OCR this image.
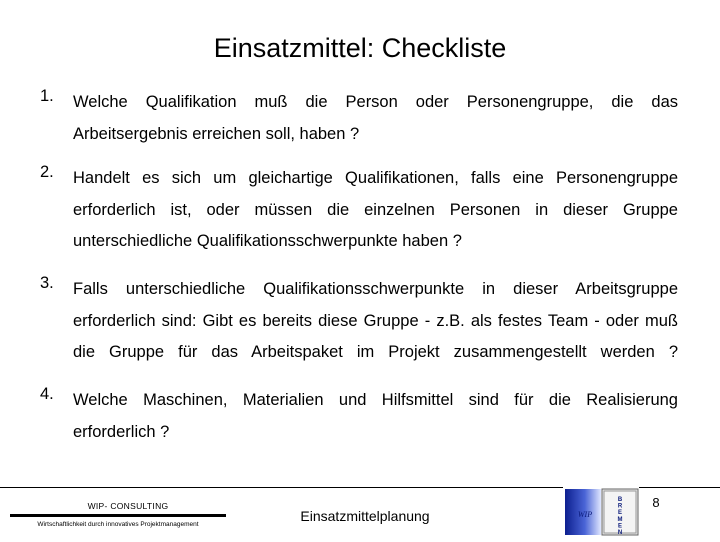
Einsatzmittel: Checkliste
1.	Welche Qualifikation muß die Person oder Personengruppe, die das Arbeitsergebnis erreichen soll, haben ?
2.	Handelt es sich um gleichartige Qualifikationen, falls eine Personengruppe erforderlich ist, oder müssen die einzelnen Personen in dieser Gruppe unterschiedliche Qualifikationsschwerpunkte haben ?
3.	Falls unterschiedliche Qualifikationsschwerpunkte in dieser Arbeitsgruppe erforderlich sind: Gibt es bereits diese Gruppe - z.B. als festes Team - oder muß die Gruppe für das Arbeitspaket im Projekt zusammengestellt werden ?
4.	Welche Maschinen, Materialien und Hilfsmittel sind für die Realisierung erforderlich ?
WIP- CONSULTING
Wirtschaftlichkeit durch innovatives Projektmanagement
Einsatzmittelplanung	WIP
B R E M E N
8
